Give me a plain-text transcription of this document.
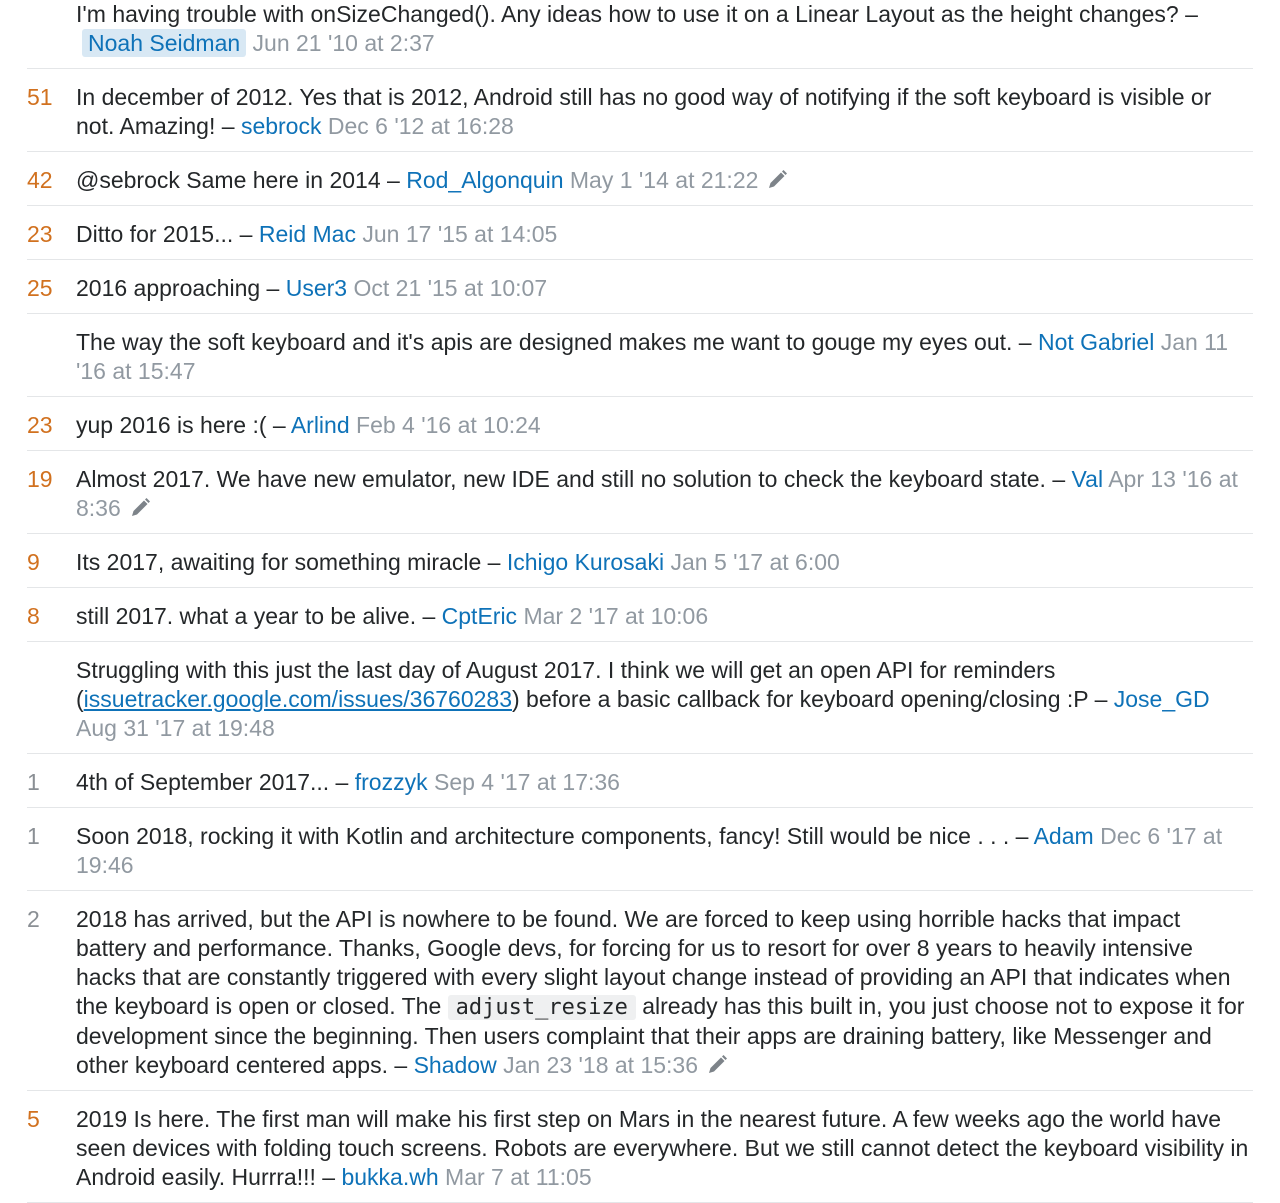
I'm having trouble with onSizeChanged(). Any ideas how to use it on a Linear Layout as the height changes? – Noah Seidman Jun 21 '10 at 2:37
51	In december of 2012. Yes that is 2012, Android still has no good way of notifying if the soft keyboard is visible or not. Amazing! – sebrock Dec 6 '12 at 16:28
42	@sebrock Same here in 2014 – Rod_Algonquin May 1 '14 at 21:22
23	Ditto for 2015... – Reid Mac Jun 17 '15 at 14:05
25	2016 approaching – User3 Oct 21 '15 at 10:07
The way the soft keyboard and it's apis are designed makes me want to gouge my eyes out. – Not Gabriel Jan 11 '16 at 15:47
23	yup 2016 is here :( – Arlind Feb 4 '16 at 10:24
19	Almost 2017. We have new emulator, new IDE and still no solution to check the keyboard state. – Val Apr 13 '16 at 8:36
9	Its 2017, awaiting for something miracle – Ichigo Kurosaki Jan 5 '17 at 6:00
8	still 2017. what a year to be alive. – CptEric Mar 2 '17 at 10:06
Struggling with this just the last day of August 2017. I think we will get an open API for reminders (issuetracker.google.com/issues/36760283) before a basic callback for keyboard opening/closing :P – Jose_GD Aug 31 '17 at 19:48
1	4th of September 2017... – frozzyk Sep 4 '17 at 17:36
1	Soon 2018, rocking it with Kotlin and architecture components, fancy! Still would be nice . . . – Adam Dec 6 '17 at 19:46
2	2018 has arrived, but the API is nowhere to be found. We are forced to keep using horrible hacks that impact battery and performance. Thanks, Google devs, for forcing for us to resort for over 8 years to heavily intensive hacks that are constantly triggered with every slight layout change instead of providing an API that indicates when the keyboard is open or closed. The adjust_resize already has this built in, you just choose not to expose it for development since the beginning. Then users complaint that their apps are draining battery, like Messenger and other keyboard centered apps. – Shadow Jan 23 '18 at 15:36
5	2019 Is here. The first man will make his first step on Mars in the nearest future. A few weeks ago the world have seen devices with folding touch screens. Robots are everywhere. But we still cannot detect the keyboard visibility in Android easily. Hurrra!!! – bukka.wh Mar 7 at 11:05
